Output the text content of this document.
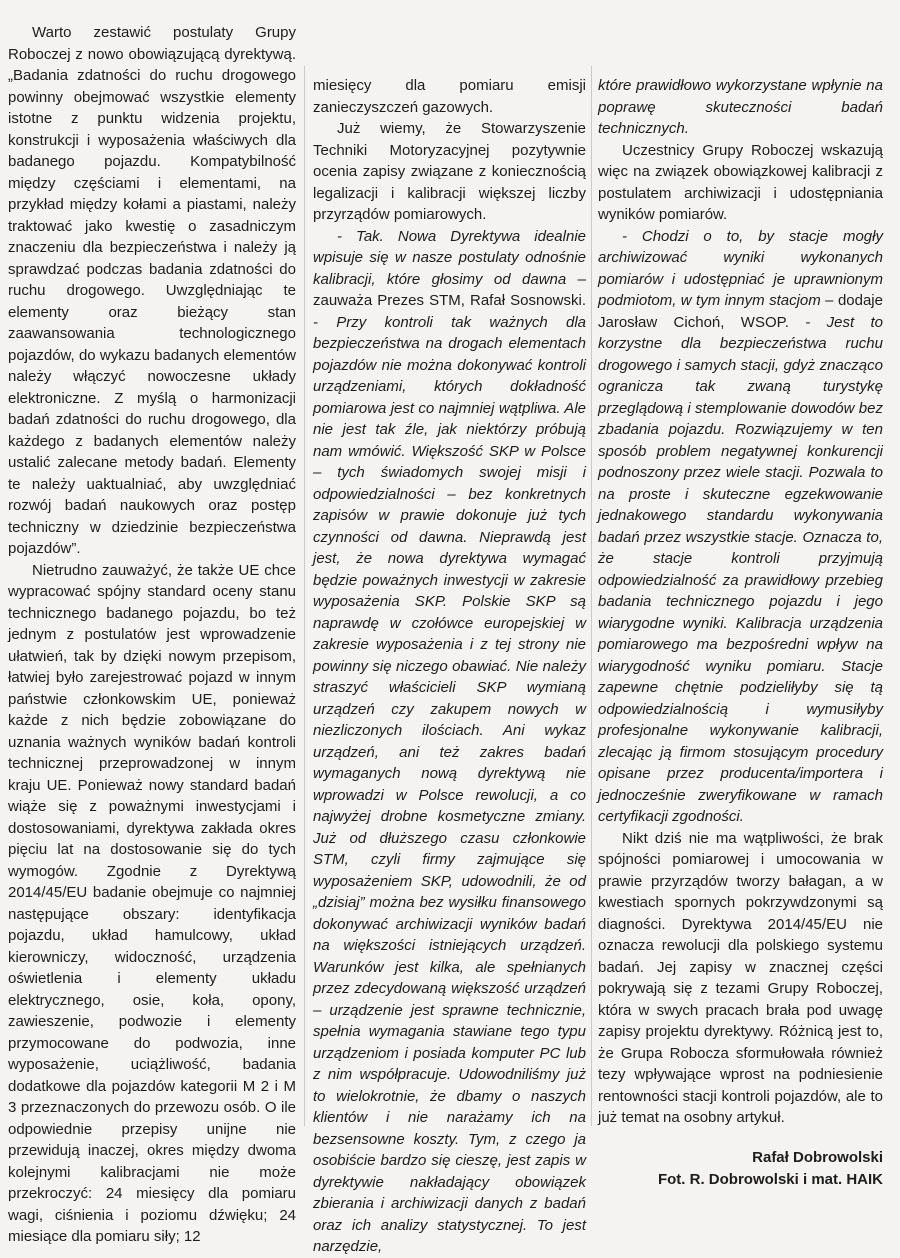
Warto zestawić postulaty Grupy Roboczej z nowo obowiązującą dyrektywą. „Badania zdatności do ruchu drogowego powinny obejmować wszystkie elementy istotne z punktu widzenia projektu, konstrukcji i wyposażenia właściwych dla badanego pojazdu. Kompatybilność między częściami i elementami, na przykład między kołami a piastami, należy traktować jako kwestię o zasadniczym znaczeniu dla bezpieczeństwa i należy ją sprawdzać podczas badania zdatności do ruchu drogowego. Uwzględniając te elementy oraz bieżący stan zaawansowania technologicznego pojazdów, do wykazu badanych elementów należy włączyć nowoczesne układy elektroniczne. Z myślą o harmonizacji badań zdatności do ruchu drogowego, dla każdego z badanych elementów należy ustalić zalecane metody badań. Elementy te należy uaktualniać, aby uwzględniać rozwój badań naukowych oraz postęp techniczny w dziedzinie bezpieczeństwa pojazdów”.

Nietrudno zauważyć, że także UE chce wypracować spójny standard oceny stanu technicznego badanego pojazdu, bo też jednym z postulatów jest wprowadzenie ułatwień, tak by dzięki nowym przepisom, łatwiej było zarejestrować pojazd w innym państwie członkowskim UE, ponieważ każde z nich będzie zobowiązane do uznania ważnych wyników badań kontroli technicznej przeprowadzonej w innym kraju UE. Ponieważ nowy standard badań wiąże się z poważnymi inwestycjami i dostosowaniami, dyrektywa zakłada okres pięciu lat na dostosowanie się do tych wymogów. Zgodnie z Dyrektywą 2014/45/EU badanie obejmuje co najmniej następujące obszary: identyfikacja pojazdu, układ hamulcowy, układ kierowniczy, widoczność, urządzenia oświetlenia i elementy układu elektrycznego, osie, koła, opony, zawieszenie, podwozie i elementy przymocowane do podwozia, inne wyposażenie, uciążliwość, badania dodatkowe dla pojazdów kategorii M 2 i M 3 przeznaczonych do przewozu osób. O ile odpowiednie przepisy unijne nie przewidują inaczej, okres między dwoma kolejnymi kalibracjami nie może przekroczyć: 24 miesięcy dla pomiaru wagi, ciśnienia i poziomu dźwięku; 24 miesiące dla pomiaru siły; 12

miesięcy dla pomiaru emisji zanieczyszczeń gazowych.

Już wiemy, że Stowarzyszenie Techniki Motoryzacyjnej pozytywnie ocenia zapisy związane z koniecznością legalizacji i kalibracji większej liczby przyrządów pomiarowych.

- Tak. Nowa Dyrektywa idealnie wpisuje się w nasze postulaty odnośnie kalibracji, które głosimy od dawna – zauważa Prezes STM, Rafał Sosnowski. - Przy kontroli tak ważnych dla bezpieczeństwa na drogach elementach pojazdów nie można dokonywać kontroli urządzeniami, których dokładność pomiarowa jest co najmniej wątpliwa. Ale nie jest tak źle, jak niektórzy próbują nam wmówić. Większość SKP w Polsce – tych świadomych swojej misji i odpowiedzialności – bez konkretnych zapisów w prawie dokonuje już tych czynności od dawna. Nieprawdą jest jest, że nowa dyrektywa wymagać będzie poważnych inwestycji w zakresie wyposażenia SKP. Polskie SKP są naprawdę w czołówce europejskiej w zakresie wyposażenia i z tej strony nie powinny się niczego obawiać. Nie należy straszyć właścicieli SKP wymianą urządzeń czy zakupem nowych w niezliczonych ilościach. Ani wykaz urządzeń, ani też zakres badań wymaganych nową dyrektywą nie wprowadzi w Polsce rewolucji, a co najwyżej drobne kosmetyczne zmiany. Już od dłuższego czasu członkowie STM, czyli firmy zajmujące się wyposażeniem SKP, udowodnili, że od „dzisiaj” można bez wysiłku finansowego dokonywać archiwizacji wyników badań na większości istniejących urządzeń. Warunków jest kilka, ale spełnianych przez zdecydowaną większość urządzeń – urządzenie jest sprawne technicznie, spełnia wymagania stawiane tego typu urządzeniom i posiada komputer PC lub z nim współpracuje. Udowodniliśmy już to wielokrotnie, że dbamy o naszych klientów i nie narażamy ich na bezsensowne koszty. Tym, z czego ja osobiście bardzo się cieszę, jest zapis w dyrektywie nakładający obowiązek zbierania i archiwizacji danych z badań oraz ich analizy statystycznej. To jest narzędzie,

które prawidłowo wykorzystane wpłynie na poprawę skuteczności badań technicznych.

Uczestnicy Grupy Roboczej wskazują więc na związek obowiązkowej kalibracji z postulatem archiwizacji i udostępniania wyników pomiarów.

- Chodzi o to, by stacje mogły archiwizować wyniki wykonanych pomiarów i udostępniać je uprawnionym podmiotom, w tym innym stacjom – dodaje Jarosław Cichoń, WSOP. - Jest to korzystne dla bezpieczeństwa ruchu drogowego i samych stacji, gdyż znacząco ogranicza tak zwaną turystykę przeglądową i stemplowanie dowodów bez zbadania pojazdu. Rozwiązujemy w ten sposób problem negatywnej konkurencji podnoszony przez wiele stacji. Pozwala to na proste i skuteczne egzekwowanie jednakowego standardu wykonywania badań przez wszystkie stacje. Oznacza to, że stacje kontroli przyjmują odpowiedzialność za prawidłowy przebieg badania technicznego pojazdu i jego wiarygodne wyniki. Kalibracja urządzenia pomiarowego ma bezpośredni wpływ na wiarygodność wyniku pomiaru. Stacje zapewne chętnie podzieliłyby się tą odpowiedzialnością i wymusiłyby profesjonalne wykonywanie kalibracji, zlecając ją firmom stosującym procedury opisane przez producenta/importera i jednocześnie zweryfikowane w ramach certyfikacji zgodności.

Nikt dziś nie ma wątpliwości, że brak spójności pomiarowej i umocowania w prawie przyrządów tworzy bałagan, a w kwestiach spornych pokrzywdzonymi są diagności. Dyrektywa 2014/45/EU nie oznacza rewolucji dla polskiego systemu badań. Jej zapisy w znacznej części pokrywają się z tezami Grupy Roboczej, która w swych pracach brała pod uwagę zapisy projektu dyrektywy. Różnicą jest to, że Grupa Robocza sformułowała również tezy wpływające wprost na podniesienie rentowności stacji kontroli pojazdów, ale to już temat na osobny artykuł.

Rafał Dobrowolski
Fot. R. Dobrowolski i mat. HAIK
